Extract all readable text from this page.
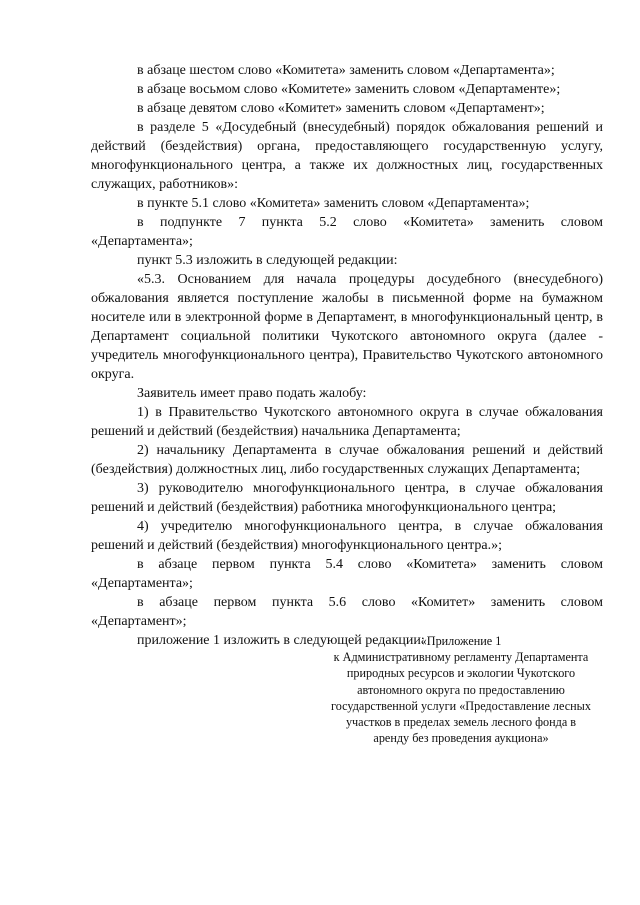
в абзаце шестом слово «Комитета» заменить словом «Департамента»;

в абзаце восьмом слово «Комитете» заменить словом «Департаменте»;

в абзаце девятом слово «Комитет» заменить словом «Департамент»;

в разделе 5 «Досудебный (внесудебный) порядок обжалования решений и действий (бездействия) органа, предоставляющего государственную услугу, многофункционального центра, а также их должностных лиц, государственных служащих, работников»:

в пункте 5.1 слово «Комитета» заменить словом «Департамента»;

в подпункте 7 пункта 5.2 слово «Комитета» заменить словом «Департамента»;

пункт 5.3 изложить в следующей редакции:

«5.3. Основанием для начала процедуры досудебного (внесудебного) обжалования является поступление жалобы в письменной форме на бумажном носителе или в электронной форме в Департамент, в многофункциональный центр, в Департамент социальной политики Чукотского автономного округа (далее - учредитель многофункционального центра), Правительство Чукотского автономного округа.

Заявитель имеет право подать жалобу:

1) в Правительство Чукотского автономного округа в случае обжалования решений и действий (бездействия) начальника Департамента;

2) начальнику Департамента в случае обжалования решений и действий (бездействия) должностных лиц, либо государственных служащих Департамента;

3) руководителю многофункционального центра, в случае обжалования решений и действий (бездействия) работника многофункционального центра;

4) учредителю многофункционального центра, в случае обжалования решений и действий (бездействия) многофункционального центра.»;

в абзаце первом пункта 5.4 слово «Комитета» заменить словом «Департамента»;

в абзаце первом пункта 5.6 слово «Комитет» заменить словом «Департамент»;

приложение 1 изложить в следующей редакции:

«Приложение 1
к Административному регламенту Департамента
природных ресурсов и экологии Чукотского
автономного округа по предоставлению
государственной услуги «Предоставление лесных
участков в пределах земель лесного фонда в
аренду без проведения аукциона»
